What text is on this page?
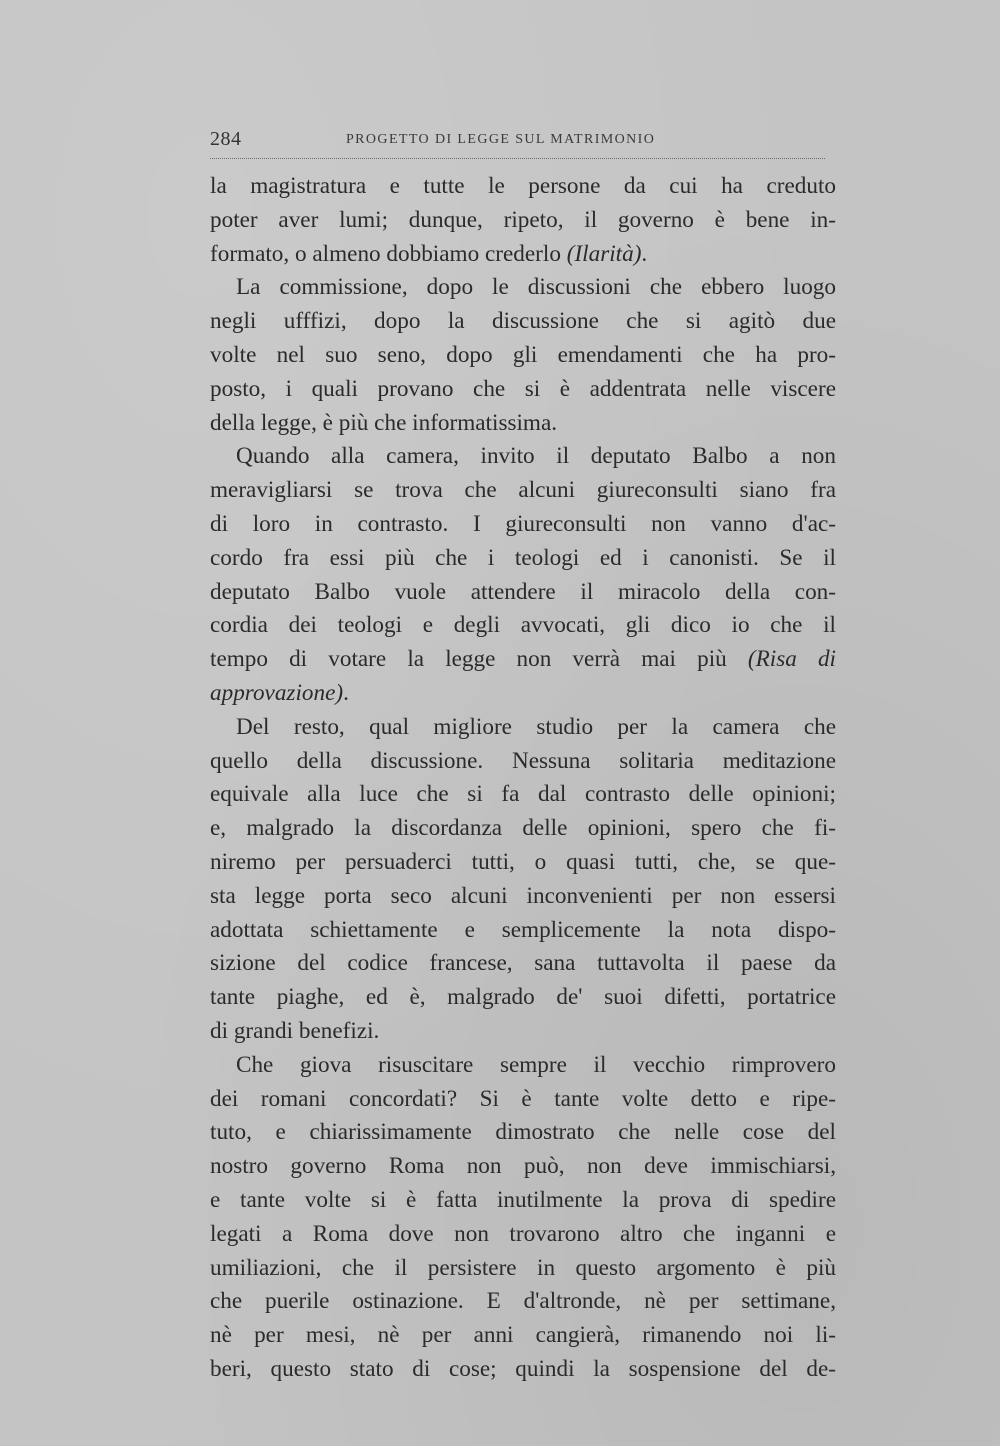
284	PROGETTO DI LEGGE SUL MATRIMONIO
la magistratura e tutte le persone da cui ha creduto
poter aver lumi; dunque, ripeto, il governo è bene in-
formato, o almeno dobbiamo crederlo (Ilarità).
La commissione, dopo le discussioni che ebbero luogo
negli ufffizi, dopo la discussione che si agitò due
volte nel suo seno, dopo gli emendamenti che ha pro-
posto, i quali provano che si è addentrata nelle viscere
della legge, è più che informatissima.
Quando alla camera, invito il deputato Balbo a non
meravigliarsi se trova che alcuni giureconsulti siano fra
di loro in contrasto. I giureconsulti non vanno d'ac-
cordo fra essi più che i teologi ed i canonisti. Se il
deputato Balbo vuole attendere il miracolo della con-
cordia dei teologi e degli avvocati, gli dico io che il
tempo di votare la legge non verrà mai più (Risa di
approvazione).
Del resto, qual migliore studio per la camera che
quello della discussione. Nessuna solitaria meditazione
equivale alla luce che si fa dal contrasto delle opinioni;
e, malgrado la discordanza delle opinioni, spero che fi-
niremo per persuaderci tutti, o quasi tutti, che, se que-
sta legge porta seco alcuni inconvenienti per non essersi
adottata schiettamente e semplicemente la nota dispo-
sizione del codice francese, sana tuttavolta il paese da
tante piaghe, ed è, malgrado de' suoi difetti, portatrice
di grandi benefizi.
Che giova risuscitare sempre il vecchio rimprovero
dei romani concordati? Si è tante volte detto e ripe-
tuto, e chiarissimamente dimostrato che nelle cose del
nostro governo Roma non può, non deve immischiarsi,
e tante volte si è fatta inutilmente la prova di spedire
legati a Roma dove non trovarono altro che inganni e
umiliazioni, che il persistere in questo argomento è più
che puerile ostinazione. E d'altronde, nè per settimane,
nè per mesi, nè per anni cangierà, rimanendo noi li-
beri, questo stato di cose; quindi la sospensione del de-
